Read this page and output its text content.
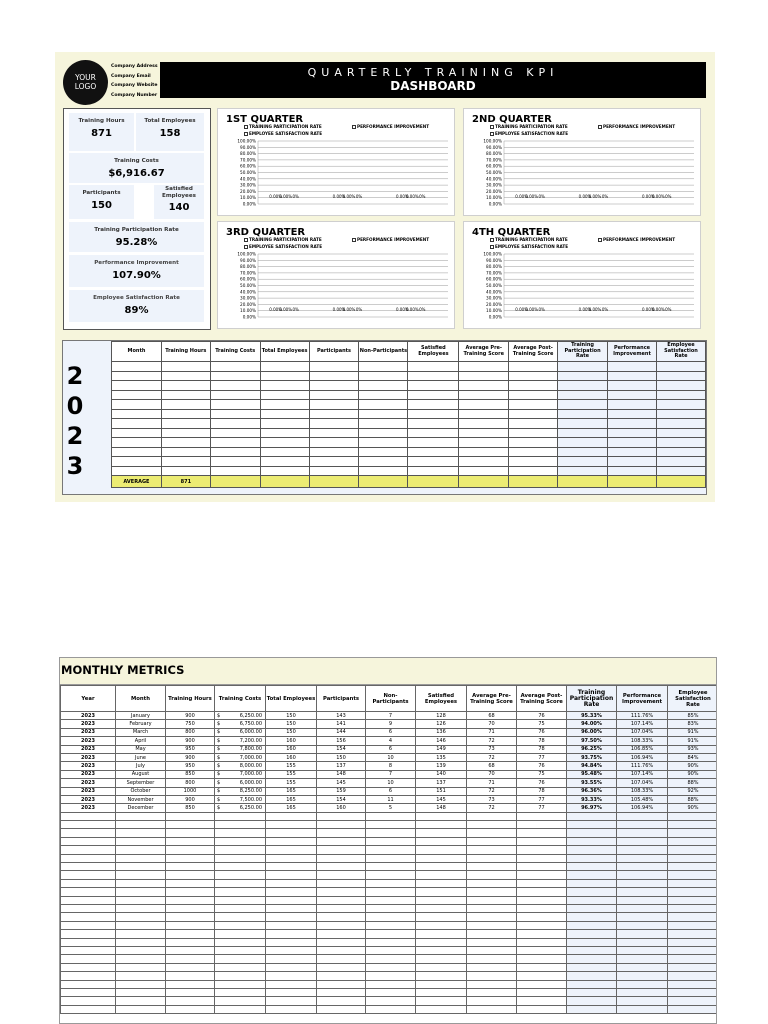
YOUR
LOGO
Company Address
Company Email
Company Website
Company Number
QUARTERLY TRAINING KPI
DASHBOARD
Training Hours
871
Total Employees
158
Training Costs
$6,916.67
Participants
150
Satisfied Employees
140
Training Participation Rate
95.28%
Performance Improvement
107.90%
Employee Satisfaction Rate
89%
1ST QUARTER
TRAINING PARTICIPATION RATE	PERFORMANCE IMPROVEMENT
EMPLOYEE SATISFACTION RATE
100.00%
90.00%
80.00%
70.00%
60.00%
50.00%
40.00%
30.00%
20.00%
10.00%
0.00%
0.00%
0.00% 0%	0.00%
0.00% 0%	0.00%
0.00% 0%
2ND QUARTER
TRAINING PARTICIPATION RATE	PERFORMANCE IMPROVEMENT
EMPLOYEE SATISFACTION RATE
100.00%
90.00%
80.00%
70.00%
60.00%
50.00%
40.00%
30.00%
20.00%
10.00%
0.00%
0.00%
0.00% 0%	0.00%
0.00% 0%	0.00%
0.00% 0%
3RD QUARTER
TRAINING PARTICIPATION RATE	PERFORMANCE IMPROVEMENT
EMPLOYEE SATISFACTION RATE
100.00%
90.00%
80.00%
70.00%
60.00%
50.00%
40.00%
30.00%
20.00%
10.00%
0.00%
0.00%
0.00% 0%	0.00%
0.00% 0%	0.00%
0.00% 0%
4TH QUARTER
TRAINING PARTICIPATION RATE	PERFORMANCE IMPROVEMENT
EMPLOYEE SATISFACTION RATE
100.00%
90.00%
80.00%
70.00%
60.00%
50.00%
40.00%
30.00%
20.00%
10.00%
0.00%
0.00%
0.00% 0%	0.00%
0.00% 0%	0.00%
0.00% 0%
2
0
2
3
Month	Training Hours	Training Costs	Total Employees	Participants	Non-Participants	Satisfied Employees	Average Pre-Training Score	Average Post-Training Score	Training Participation Rate	Performance Improvement	Employee Satisfaction Rate

AVERAGE	871										
MONTHLY METRICS
Year	Month	Training Hours	Training Costs	Total Employees	Participants	Non-Participants	Satisfied Employees	Average Pre-Training Score	Average Post-Training Score	Training Participation Rate	Performance Improvement	Employee Satisfaction Rate
2023	January	900	$ 6,250.00	150	143	7	128	68	76	95.33%	111.76%	85%
2023	February	750	$ 6,750.00	150	141	9	126	70	75	94.00%	107.14%	83%
2023	March	800	$ 6,000.00	150	144	6	136	71	76	96.00%	107.04%	91%
2023	April	900	$ 7,200.00	160	156	4	146	72	78	97.50%	108.33%	91%
2023	May	950	$ 7,800.00	160	154	6	149	73	78	96.25%	106.85%	93%
2023	June	900	$ 7,000.00	160	150	10	135	72	77	93.75%	106.94%	84%
2023	July	950	$ 8,000.00	155	137	8	139	68	76	94.84%	111.76%	90%
2023	August	850	$ 7,000.00	155	148	7	140	70	75	95.48%	107.14%	90%
2023	September	800	$ 6,000.00	155	145	10	137	71	76	93.55%	107.04%	88%
2023	October	1000	$ 8,250.00	165	159	6	151	72	78	96.36%	108.33%	92%
2023	November	900	$ 7,500.00	165	154	11	145	73	77	93.33%	105.48%	88%
2023	December	850	$ 6,250.00	165	160	5	148	72	77	96.97%	106.94%	90%
